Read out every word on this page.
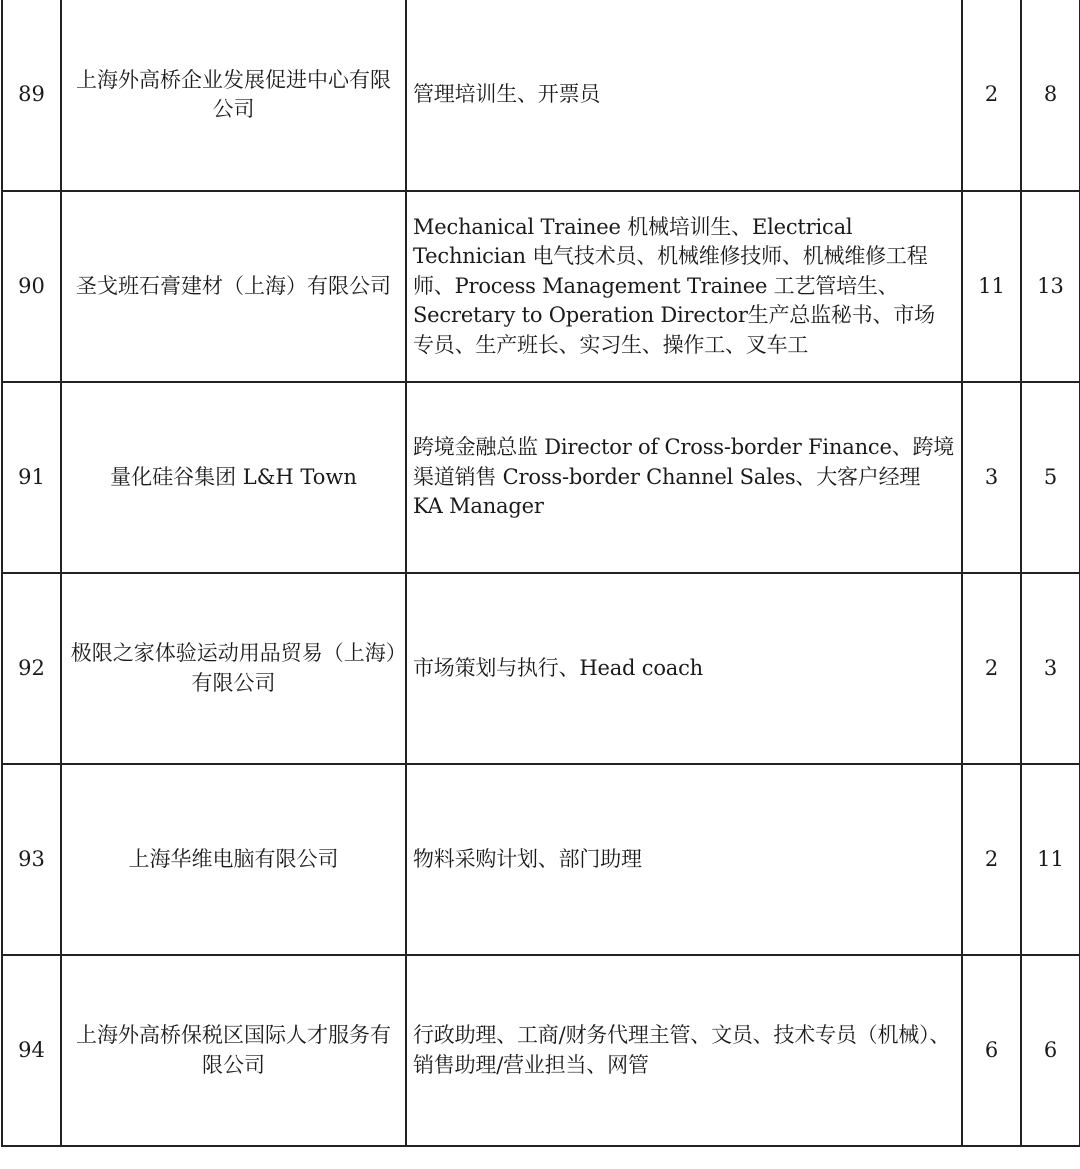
89	上海外高桥企业发展促进中心有限公司	管理培训生、开票员	2	8
90	圣戈班石膏建材（上海）有限公司	Mechanical Trainee 机械培训生、Electrical Technician 电气技术员、机械维修技师、机械维修工程师、Process Management Trainee 工艺管培生、Secretary to Operation Director生产总监秘书、市场专员、生产班长、实习生、操作工、叉车工	11	13
91	量化硅谷集团 L&H Town	跨境金融总监 Director of Cross-border Finance、跨境渠道销售 Cross-border Channel Sales、大客户经理 KA Manager	3	5
92	极限之家体验运动用品贸易（上海）有限公司	市场策划与执行、Head coach	2	3
93	上海华维电脑有限公司	物料采购计划、部门助理	2	11
94	上海外高桥保税区国际人才服务有限公司	行政助理、工商/财务代理主管、文员、技术专员（机械）、销售助理/营业担当、网管	6	6
